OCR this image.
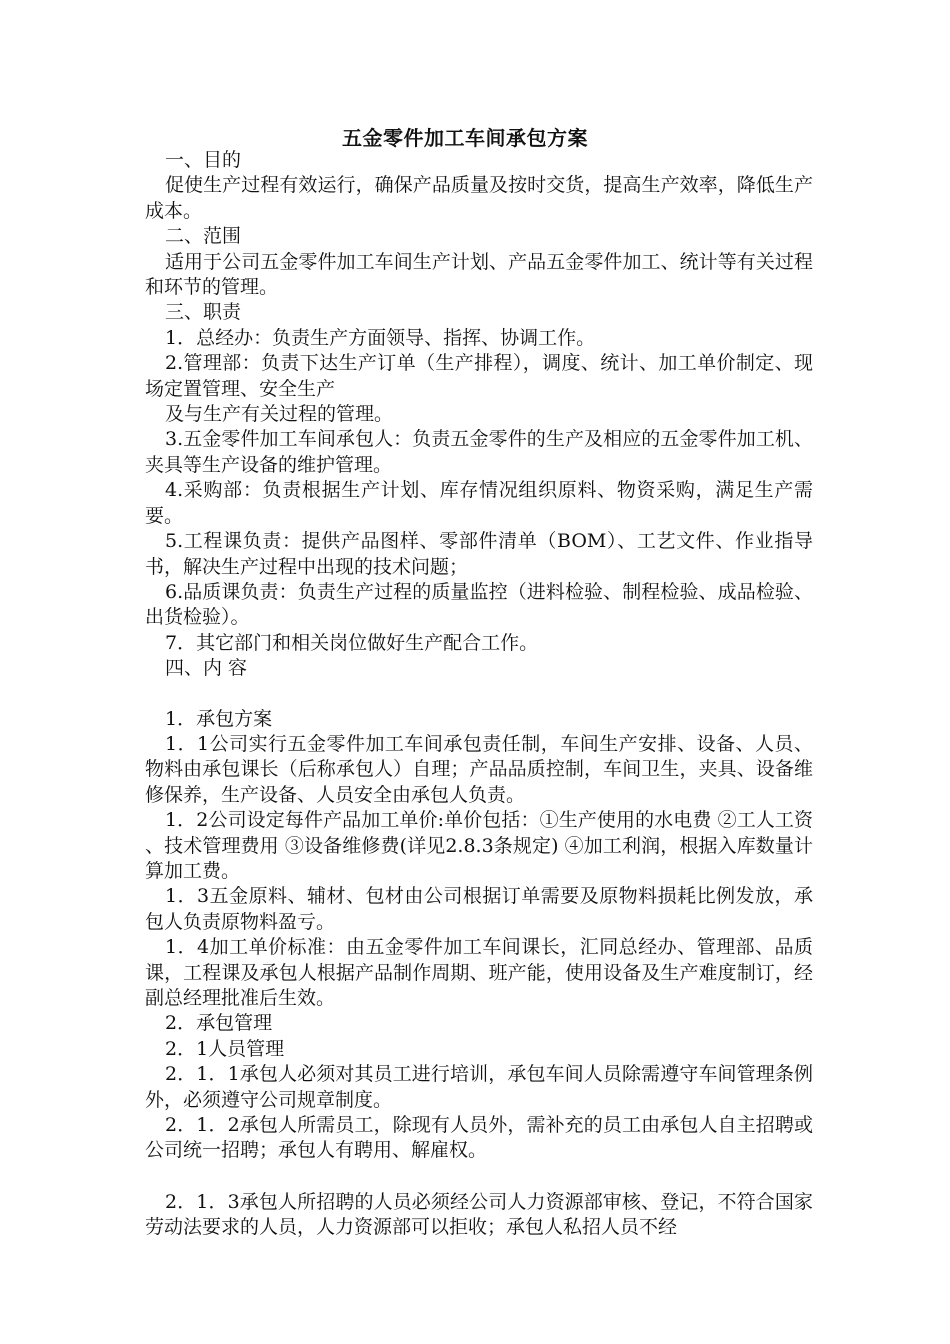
五金零件加工车间承包方案

一、目的

促使生产过程有效运行，确保产品质量及按时交货，提高生产效率，降低生产成本。

二、范围

适用于公司五金零件加工车间生产计划、产品五金零件加工、统计等有关过程和环节的管理。

三、职责

1．总经办：负责生产方面领导、指挥、协调工作。

2.管理部：负责下达生产订单（生产排程），调度、统计、加工单价制定、现场定置管理、安全生产

及与生产有关过程的管理。

3.五金零件加工车间承包人：负责五金零件的生产及相应的五金零件加工机、夹具等生产设备的维护管理。

4.采购部：负责根据生产计划、库存情况组织原料、物资采购，满足生产需要。

5.工程课负责：提供产品图样、零部件清单（BOM）、工艺文件、作业指导书，解决生产过程中出现的技术问题；

6.品质课负责：负责生产过程的质量监控（进料检验、制程检验、成品检验、出货检验）。

7．其它部门和相关岗位做好生产配合工作。

四、内 容

1．承包方案

1．1公司实行五金零件加工车间承包责任制，车间生产安排、设备、人员、物料由承包课长（后称承包人）自理；产品品质控制，车间卫生，夹具、设备维修保养，生产设备、人员安全由承包人负责。

1．2公司设定每件产品加工单价:单价包括：①生产使用的水电费 ②工人工资 、技术管理费用 ③设备维修费(详见2.8.3条规定) ④加工利润，根据入库数量计算加工费。

1．3五金原料、辅材、包材由公司根据订单需要及原物料损耗比例发放，承包人负责原物料盈亏。

1．4加工单价标准：由五金零件加工车间课长，汇同总经办、管理部、品质课，工程课及承包人根据产品制作周期、班产能，使用设备及生产难度制订，经副总经理批准后生效。

2．承包管理

2．1人员管理

2．1．1承包人必须对其员工进行培训，承包车间人员除需遵守车间管理条例外，必须遵守公司规章制度。

2．1．2承包人所需员工，除现有人员外，需补充的员工由承包人自主招聘或公司统一招聘；承包人有聘用、解雇权。

2．1．3承包人所招聘的人员必须经公司人力资源部审核、登记，不符合国家劳动法要求的人员，人力资源部可以拒收；承包人私招人员不经
